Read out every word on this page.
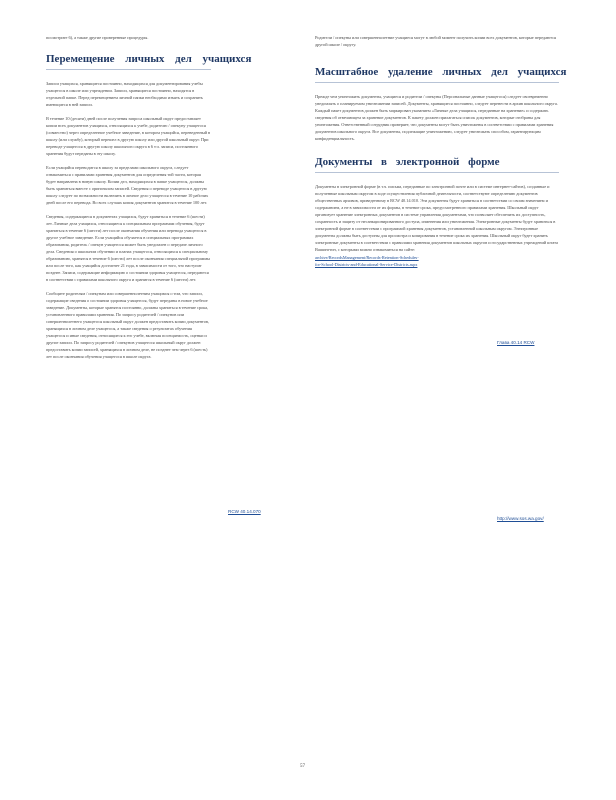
посмотрите 6), а также другие проверенные процедуры.

Перемещение личных дел учащихся

Записи учащихся, хранящиеся постоянно, находящихся для документирования учебы учащегося в школе или учреждении. Записи, хранящиеся постоянно, находятся в отдельной папке. Перед перемещением личной папки необходимо изъять и сохранить имеющиеся в ней записи.

В течение 10 (десяти) дней после получения запроса школьный округ предоставляет копии всех документов учащихся, относящихся к учебе, родителю / опекуну учащегося (совместно) через определенное учебное заведение, в котором учащийся, переведенный в школу (или службу), который перешел в другую школу или другой школьный округ. При переводе учащегося в другую школу школьного округа в 6 т.ч. записи, постоянного хранения будут переданы в эту школу.

Если учащийся переводится в школу за пределами школьного округа, следует ознакомиться с правилами хранения документов для определения той части, которая будет направлена в новую школу. Копии дел, находящихся в папке учащегося, должны быть храниться вместе с оригиналом записей. Сведения о переводе учащегося в другую школу следует по возможности включить в личное дело учащегося в течение 10 рабочих дней после его перевода. Во всех случаях копия документов хранится в течение 100 лет.

Сведения, содержащиеся в документах учащихся, будут храниться в течение 6 (шести) лет. Личные дела учащихся, относящиеся к специальным программам обучения, будут храниться в течение 6 (шести) лет после окончания обучения или перевода учащегося в другое учебное заведение. Если учащийся обучается в специальных программах образования, родитель / опекун учащегося может быть уведомлен о передаче личного дела. Сведения о школьном обучении и планах учащегося, относящихся к специальному образованию, хранятся в течение 6 (шести) лет после окончания специальной программы или после того, как учащийся достигнет 21 года, в зависимости от того, что наступит позднее. Записи, содержащие информацию о состоянии здоровья учащегося, передаются в соответствии с правилами школьного округа и хранятся в течение 6 (шести) лет.

Сообщите родителям / опекунам или совершеннолетним учащимся о том, что записи, содержащие сведения о состоянии здоровья учащегося, будут переданы в новое учебное заведение. Документы, которые хранятся постоянно, должны храниться в течение срока, установленного правилами хранения. По запросу родителей / опекунов или совершеннолетнего учащегося школьный округ должен предоставить копии документов, хранящихся в личном деле учащегося, а также сведения о результатах обучения учащегося и иные сведения, относящиеся к его учебе, включая посещаемость, оценки и другие записи. По запросу родителей / опекунов учащегося школьный округ должен предоставить копии записей, хранящихся в личном деле, не позднее чем через 6 (шесть) лет после окончания обучения учащегося в школе округа.

RCW 40.14.070

Родители / опекуны или совершеннолетние учащиеся могут в любой момент получить копии всех документов, которые передаются другой школе / округу.

Масштабное удаление личных дел учащихся

Прежде чем уничтожить документы, учащиеся и родители / опекуны (Персональные данные учащегося) следует своевременно уведомлять о планируемом уничтожении записей. Документы, хранящиеся постоянно, следует перенести в архив школьного округа. Каждый пакет документов должен быть маркирован указанием «Личные дела учащихся, переданные на хранение» и содержать сведения об отвечающем за хранение документов. К пакету должен прилагаться список документов, которые отобраны для уничтожения. Ответственный сотрудник проверяет, что документы могут быть уничтожены в соответствии с правилами хранения документов школьного округа. Все документы, подлежащие уничтожению, следует уничтожать способом, гарантирующим конфиденциальность.

Документы в электронной форме

Документы в электронной форме (в т.ч. письма, переданные по электронной почте или в системе интернет-сайтов), созданные и полученные школьным округом в ходе осуществления публичной деятельности, соответствуют определению документов общественных архивов, приведенному в RCW 40.14.010. Эти документы будут храниться в соответствии со своим значением и содержанием, а не в зависимости от их формы, в течение срока, предусмотренного правилами хранения. Школьный округ организует хранение электронных документов в системе управления документами, что позволяет обеспечить их доступность, сохранность и защиту от несанкционированного доступа, изменения или уничтожения. Электронные документы будут храниться в электронной форме в соответствии с программой хранения документов, установленной школьным округом. Электронные документы должны быть доступны для просмотра и копирования в течение срока их хранения. Школьный округ будет хранить электронные документы в соответствии с правилами хранения документов школьных округов и государственных учреждений штата Вашингтон, с которыми можно ознакомиться на сайте:

archive/RecordsManagement/Records-Retention-Schedules-
for-School-Districts-and-Educational-Service-Districts.aspx
Глава 40.14 RCW
http://www.sos.wa.gov/
57
